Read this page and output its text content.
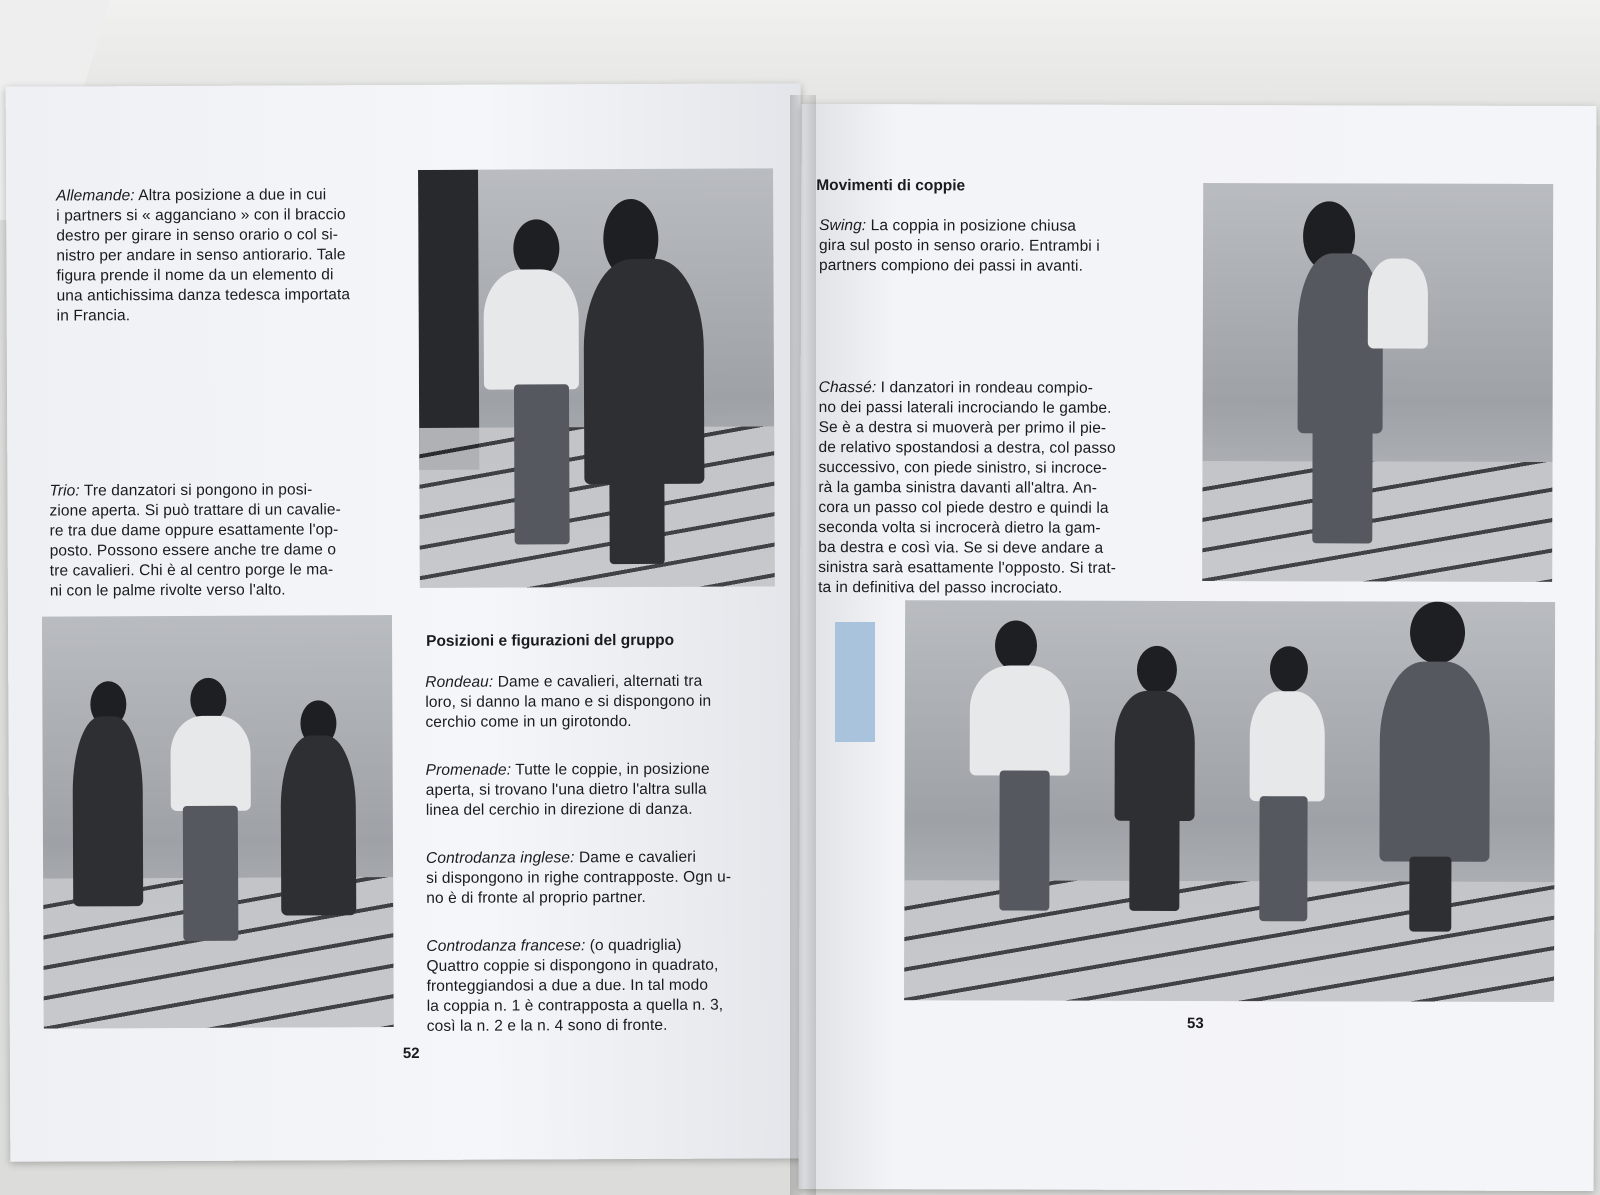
Allemande: Altra posizione a due in cui
i partners si « agganciano » con il braccio
destro per girare in senso orario o col si-
nistro per andare in senso antiorario. Tale
figura prende il nome da un elemento di
una antichissima danza tedesca importata
in Francia.
Trio: Tre danzatori si pongono in posi-
zione aperta. Si può trattare di un cavalie-
re tra due dame oppure esattamente l'op-
posto. Possono essere anche tre dame o
tre cavalieri. Chi è al centro porge le ma-
ni con le palme rivolte verso l'alto.
Posizioni e figurazioni del gruppo
Rondeau: Dame e cavalieri, alternati tra
loro, si danno la mano e si dispongono in
cerchio come in un girotondo.
Promenade: Tutte le coppie, in posizione
aperta, si trovano l'una dietro l'altra sulla
linea del cerchio in direzione di danza.
Controdanza inglese: Dame e cavalieri
si dispongono in righe contrapposte. Ogn u-
no è di fronte al proprio partner.
Controdanza francese: (o quadriglia)
Quattro coppie si dispongono in quadrato,
fronteggiandosi a due a due. In tal modo
la coppia n. 1 è contrapposta a quella n. 3,
così la n. 2 e la n. 4 sono di fronte.
52
Movimenti di coppie
Swing: La coppia in posizione chiusa
gira sul posto in senso orario. Entrambi i
partners compiono dei passi in avanti.
Chassé: I danzatori in rondeau compio-
no dei passi laterali incrociando le gambe.
Se è a destra si muoverà per primo il pie-
de relativo spostandosi a destra, col passo
successivo, con piede sinistro, si incroce-
rà la gamba sinistra davanti all'altra. An-
cora un passo col piede destro e quindi la
seconda volta si incrocerà dietro la gam-
ba destra e così via. Se si deve andare a
sinistra sarà esattamente l'opposto. Si trat-
ta in definitiva del passo incrociato.
53
